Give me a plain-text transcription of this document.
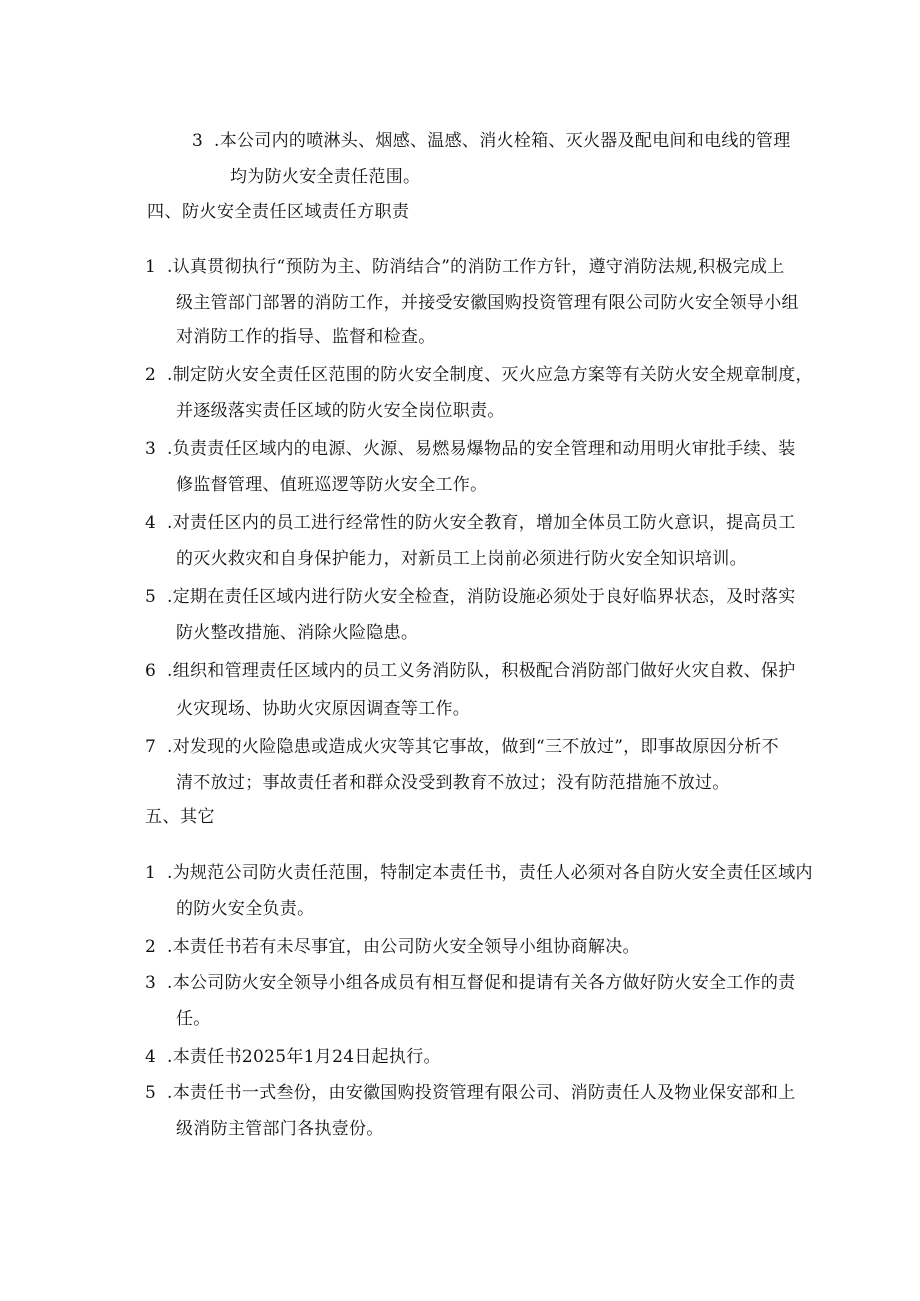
3 .本公司内的喷淋头、烟感、温感、消火栓箱、灭火器及配电间和电线的管理
均为防火安全责任范围。
四、防火安全责任区域责任方职责
1 .认真贯彻执行“预防为主、防消结合”的消防工作方针，遵守消防法规,积极完成上
级主管部门部署的消防工作，并接受安徽国购投资管理有限公司防火安全领导小组
对消防工作的指导、监督和检查。
2 .制定防火安全责任区范围的防火安全制度、灭火应急方案等有关防火安全规章制度，
并逐级落实责任区域的防火安全岗位职责。
3 .负责责任区域内的电源、火源、易燃易爆物品的安全管理和动用明火审批手续、装
修监督管理、值班巡逻等防火安全工作。
4 .对责任区内的员工进行经常性的防火安全教育，增加全体员工防火意识，提高员工
的灭火救灾和自身保护能力，对新员工上岗前必须进行防火安全知识培训。
5 .定期在责任区域内进行防火安全检查，消防设施必须处于良好临界状态，及时落实
防火整改措施、消除火险隐患。
6 .组织和管理责任区域内的员工义务消防队，积极配合消防部门做好火灾自救、保护
火灾现场、协助火灾原因调查等工作。
7 .对发现的火险隐患或造成火灾等其它事故，做到“三不放过”，即事故原因分析不
清不放过；事故责任者和群众没受到教育不放过；没有防范措施不放过。
五、其它
1 .为规范公司防火责任范围，特制定本责任书，责任人必须对各自防火安全责任区域内
的防火安全负责。
2 .本责任书若有未尽事宜，由公司防火安全领导小组协商解决。
3 .本公司防火安全领导小组各成员有相互督促和提请有关各方做好防火安全工作的责
任。
4 .本责任书2025年1月24日起执行。
5 .本责任书一式叁份，由安徽国购投资管理有限公司、消防责任人及物业保安部和上
级消防主管部门各执壹份。
